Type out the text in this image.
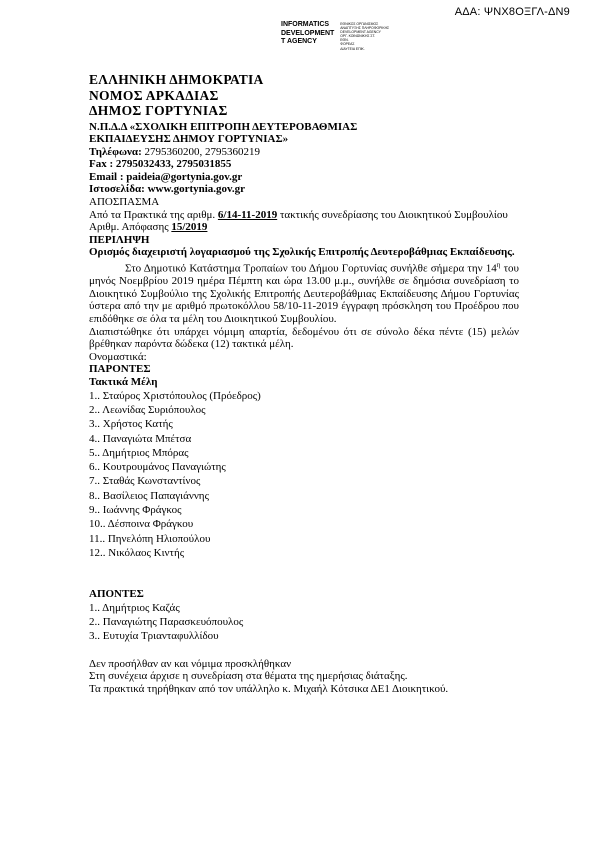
ΑΔΑ: ΨΝΧ8ΟΞΓΛ-ΔΝ9
INFORMATICS
DEVELOPMENT
T AGENCY
ΕΘΝΙΚΟΣ ΟΡΓΑΝΙΣΜΟΣ
ΑΝΑΠΤΥΞΗΣ ΠΛΗΡΟΦΟΡΙΚΗΣ
DEVELOPMENT AGENCY
ΟΡΓ. ΚΟΙΝΩΝΙΚΗΣ ΣΤ.
ΕΘΝ.
ΦΟΡΕΑΣ
ΔΙΑΥΓΕΙΑ ΕΠΙΚ.
ΕΛΛΗΝΙΚΗ ΔΗΜΟΚΡΑΤΙΑ
ΝΟΜΟΣ ΑΡΚΑΔΙΑΣ
ΔΗΜΟΣ ΓΟΡΤΥΝΙΑΣ
Ν.Π.Δ.Δ «ΣΧΟΛΙΚΗ ΕΠΙΤΡΟΠΗ ΔΕΥΤΕΡΟΒΑΘΜΙΑΣ
ΕΚΠΑΙΔΕΥΣΗΣ ΔΗΜΟΥ ΓΟΡΤΥΝΙΑΣ»
Τηλέφωνα: 2795360200, 2795360219
Fax : 2795032433, 2795031855
Email : paideia@gortynia.gov.gr
Ιστοσελίδα: www.gortynia.gov.gr
ΑΠΟΣΠΑΣΜΑ
Από τα Πρακτικά της αριθμ. 6/14-11-2019 τακτικής συνεδρίασης του Διοικητικού Συμβουλίου
Αριθμ. Απόφασης 15/2019
ΠΕΡΙΛΗΨΗ
Ορισμός διαχειριστή λογαριασμού της Σχολικής Επιτροπής Δευτεροβάθμιας Εκπαίδευσης.
Στο Δημοτικό Κατάστημα Τροπαίων του Δήμου Γορτυνίας συνήλθε σήμερα την $14^\eta$ του μηνός Νοεμβρίου 2019 ημέρα Πέμπτη και ώρα 13.00 μ.μ., συνήλθε σε δημόσια συνεδρίαση το Διοικητικό Συμβούλιο της Σχολικής Επιτροπής Δευτεροβάθμιας Εκπαίδευσης Δήμου Γορτυνίας ύστερα από την με αριθμό πρωτοκόλλου 58/10-11-2019 έγγραφη πρόσκληση του Προέδρου που επιδόθηκε σε όλα τα μέλη του Διοικητικού Συμβουλίου.
Διαπιστώθηκε ότι υπάρχει νόμιμη απαρτία, δεδομένου ότι σε σύνολο δέκα πέντε (15) μελών βρέθηκαν παρόντα δώδεκα (12) τακτικά μέλη.
Ονομαστικά:
ΠΑΡΟΝΤΕΣ
Τακτικά Μέλη
1.. Σταύρος Χριστόπουλος (Πρόεδρος)
2.. Λεωνίδας Συριόπουλος
3.. Χρήστος Κατής
4.. Παναγιώτα Μπέτσα
5.. Δημήτριος Μπόρας
6.. Κουτρουμάνος Παναγιώτης
7.. Σταθάς Κωνσταντίνος
8.. Βασίλειος Παπαγιάννης
9.. Ιωάννης Φράγκος
10.. Δέσποινα Φράγκου
11.. Πηνελόπη Ηλιοπούλου
12.. Νικόλαος Κιντής
ΑΠΟΝΤΕΣ
1.. Δημήτριος Καζάς
2.. Παναγιώτης Παρασκευόπουλος
3.. Ευτυχία Τριανταφυλλίδου
Δεν προσήλθαν αν και νόμιμα προσκλήθηκαν
Στη συνέχεια άρχισε η συνεδρίαση στα θέματα της ημερήσιας διάταξης.
Τα πρακτικά τηρήθηκαν από τον υπάλληλο κ. Μιχαήλ Κότσικα ΔΕ1 Διοικητικού.
